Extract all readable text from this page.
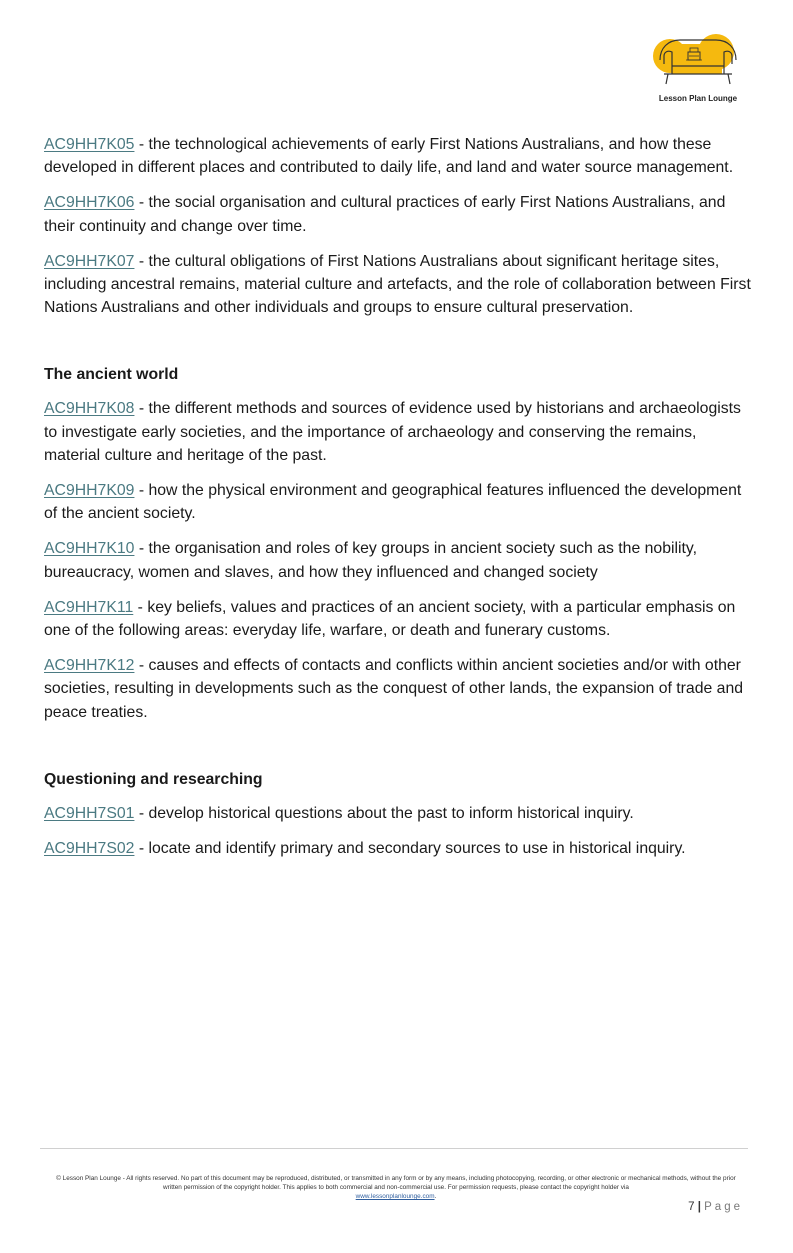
Lesson Plan Lounge

AC9HH7K05 - the technological achievements of early First Nations Australians, and how these developed in different places and contributed to daily life, and land and water source management.

AC9HH7K06 - the social organisation and cultural practices of early First Nations Australians, and their continuity and change over time.

AC9HH7K07 - the cultural obligations of First Nations Australians about significant heritage sites, including ancestral remains, material culture and artefacts, and the role of collaboration between First Nations Australians and other individuals and groups to ensure cultural preservation.

The ancient world

AC9HH7K08 - the different methods and sources of evidence used by historians and archaeologists to investigate early societies, and the importance of archaeology and conserving the remains, material culture and heritage of the past.

AC9HH7K09 - how the physical environment and geographical features influenced the development of the ancient society.

AC9HH7K10 - the organisation and roles of key groups in ancient society such as the nobility, bureaucracy, women and slaves, and how they influenced and changed society

AC9HH7K11 - key beliefs, values and practices of an ancient society, with a particular emphasis on one of the following areas: everyday life, warfare, or death and funerary customs.

AC9HH7K12 - causes and effects of contacts and conflicts within ancient societies and/or with other societies, resulting in developments such as the conquest of other lands, the expansion of trade and peace treaties.

Questioning and researching

AC9HH7S01 - develop historical questions about the past to inform historical inquiry.

AC9HH7S02 - locate and identify primary and secondary sources to use in historical inquiry.

© Lesson Plan Lounge - All rights reserved. No part of this document may be reproduced, distributed, or transmitted in any form or by any means, including photocopying, recording, or other electronic or mechanical methods, without the prior written permission of the copyright holder. This applies to both commercial and non-commercial use. For permission requests, please contact the copyright holder via
www.lessonplanlounge.com.
7 | Page
